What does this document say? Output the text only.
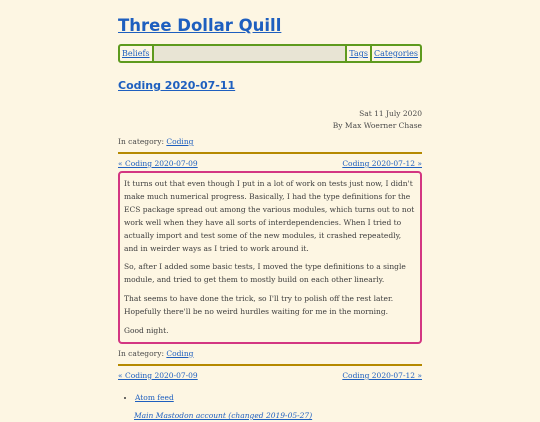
Three Dollar Quill
Beliefs	Tags Categories
Coding 2020-07-11
Sat 11 July 2020
By Max Woerner Chase
In category: Coding
« Coding 2020-07-09	Coding 2020-07-12 »

It turns out that even though I put in a lot of work on tests just now, I didn't make much numerical progress. Basically, I had the type definitions for the ECS package spread out among the various modules, which turns out to not work well when they have all sorts of interdependencies. When I tried to actually import and test some of the new modules, it crashed repeatedly, and in weirder ways as I tried to work around it.

So, after I added some basic tests, I moved the type definitions to a single module, and tried to get them to mostly build on each other linearly.

That seems to have done the trick, so I'll try to polish off the rest later. Hopefully there'll be no weird hurdles waiting for me in the morning.

Good night.

In category: Coding
« Coding 2020-07-09	Coding 2020-07-12 »
• Atom feed
Main Mastodon account (changed 2019-05-27)
